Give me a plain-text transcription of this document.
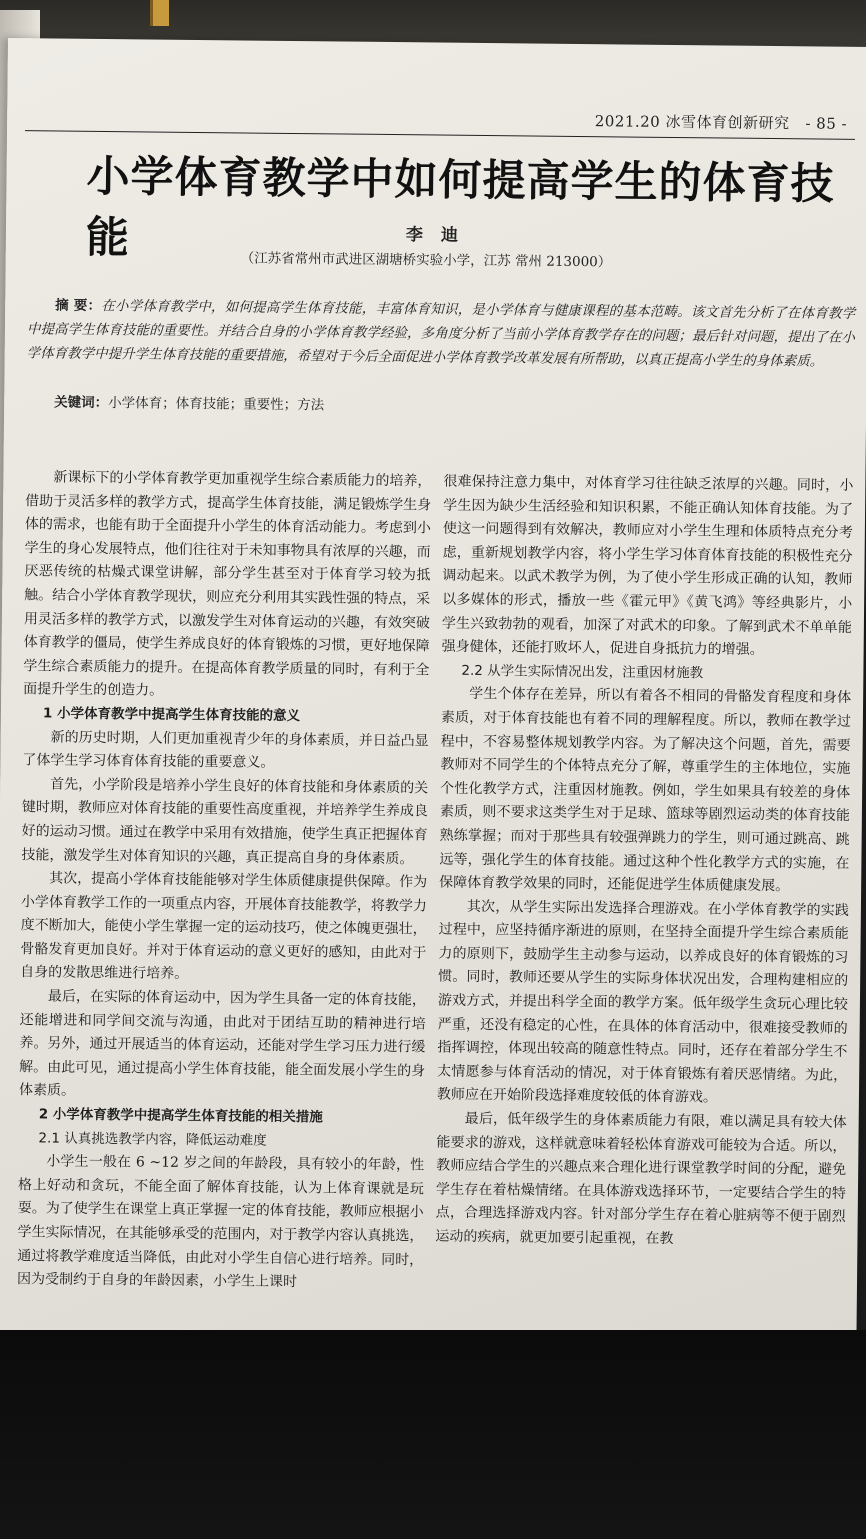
2021.20 冰雪体育创新研究 - 85 -
小学体育教学中如何提高学生的体育技能	李 迪
（江苏省常州市武进区湖塘桥实验小学，江苏 常州 213000）
摘 要：在小学体育教学中，如何提高学生体育技能，丰富体育知识，是小学体育与健康课程的基本范畴。该文首先分析了在体育教学中提高学生体育技能的重要性。并结合自身的小学体育教学经验，多角度分析了当前小学体育教学存在的问题；最后针对问题，提出了在小学体育教学中提升学生体育技能的重要措施，希望对于今后全面促进小学体育教学改革发展有所帮助，以真正提高小学生的身体素质。
关键词：小学体育；体育技能；重要性；方法

新课标下的小学体育教学更加重视学生综合素质能力的培养，借助于灵活多样的教学方式，提高学生体育技能，满足锻炼学生身体的需求，也能有助于全面提升小学生的体育活动能力。考虑到小学生的身心发展特点，他们往往对于未知事物具有浓厚的兴趣，而厌恶传统的枯燥式课堂讲解，部分学生甚至对于体育学习较为抵触。结合小学体育教学现状，则应充分利用其实践性强的特点，采用灵活多样的教学方式，以激发学生对体育运动的兴趣，有效突破体育教学的僵局，使学生养成良好的体育锻炼的习惯，更好地保障学生综合素质能力的提升。在提高体育教学质量的同时，有利于全面提升学生的创造力。

1 小学体育教学中提高学生体育技能的意义

新的历史时期，人们更加重视青少年的身体素质，并日益凸显了体学生学习体育体育技能的重要意义。

首先，小学阶段是培养小学生良好的体育技能和身体素质的关键时期，教师应对体育技能的重要性高度重视，并培养学生养成良好的运动习惯。通过在教学中采用有效措施，使学生真正把握体育技能，激发学生对体育知识的兴趣，真正提高自身的身体素质。

其次，提高小学体育技能能够对学生体质健康提供保障。作为小学体育教学工作的一项重点内容，开展体育技能教学，将教学力度不断加大，能使小学生掌握一定的运动技巧，使之体魄更强壮，骨骼发育更加良好。并对于体育运动的意义更好的感知，由此对于自身的发散思维进行培养。

最后，在实际的体育运动中，因为学生具备一定的体育技能，还能增进和同学间交流与沟通，由此对于团结互助的精神进行培养。另外，通过开展适当的体育运动，还能对学生学习压力进行缓解。由此可见，通过提高小学生体育技能，能全面发展小学生的身体素质。

2 小学体育教学中提高学生体育技能的相关措施
2.1 认真挑选教学内容，降低运动难度

小学生一般在 6 ~12 岁之间的年龄段，具有较小的年龄，性格上好动和贪玩，不能全面了解体育技能，认为上体育课就是玩耍。为了使学生在课堂上真正掌握一定的体育技能，教师应根据小学生实际情况，在其能够承受的范围内，对于教学内容认真挑选，通过将教学难度适当降低，由此对小学生自信心进行培养。同时，因为受制约于自身的年龄因素，小学生上课时

很难保持注意力集中，对体育学习往往缺乏浓厚的兴趣。同时，小学生因为缺少生活经验和知识积累，不能正确认知体育技能。为了使这一问题得到有效解决，教师应对小学生生理和体质特点充分考虑，重新规划教学内容，将小学生学习体育体育技能的积极性充分调动起来。以武术教学为例，为了使小学生形成正确的认知，教师以多媒体的形式，播放一些《霍元甲》《黄飞鸿》等经典影片，小学生兴致勃勃的观看，加深了对武术的印象。了解到武术不单单能强身健体，还能打败坏人，促进自身抵抗力的增强。

2.2 从学生实际情况出发，注重因材施教

学生个体存在差异，所以有着各不相同的骨骼发育程度和身体素质，对于体育技能也有着不同的理解程度。所以，教师在教学过程中，不容易整体规划教学内容。为了解决这个问题，首先，需要教师对不同学生的个体特点充分了解，尊重学生的主体地位，实施个性化教学方式，注重因材施教。例如，学生如果具有较差的身体素质，则不要求这类学生对于足球、篮球等剧烈运动类的体育技能熟练掌握；而对于那些具有较强弹跳力的学生，则可通过跳高、跳远等，强化学生的体育技能。通过这种个性化教学方式的实施，在保障体育教学效果的同时，还能促进学生体质健康发展。

其次，从学生实际出发选择合理游戏。在小学体育教学的实践过程中，应坚持循序渐进的原则，在坚持全面提升学生综合素质能力的原则下，鼓励学生主动参与运动，以养成良好的体育锻炼的习惯。同时，教师还要从学生的实际身体状况出发，合理构建相应的游戏方式，并提出科学全面的教学方案。低年级学生贪玩心理比较严重，还没有稳定的心性，在具体的体育活动中，很难接受教师的指挥调控，体现出较高的随意性特点。同时，还存在着部分学生不太情愿参与体育活动的情况，对于体育锻炼有着厌恶情绪。为此，教师应在开始阶段选择难度较低的体育游戏。

最后，低年级学生的身体素质能力有限，难以满足具有较大体能要求的游戏，这样就意味着轻松体育游戏可能较为合适。所以，教师应结合学生的兴趣点来合理化进行课堂教学时间的分配，避免学生存在着枯燥情绪。在具体游戏选择环节，一定要结合学生的特点，合理选择游戏内容。针对部分学生存在着心脏病等不便于剧烈运动的疾病，就更加要引起重视，在教
